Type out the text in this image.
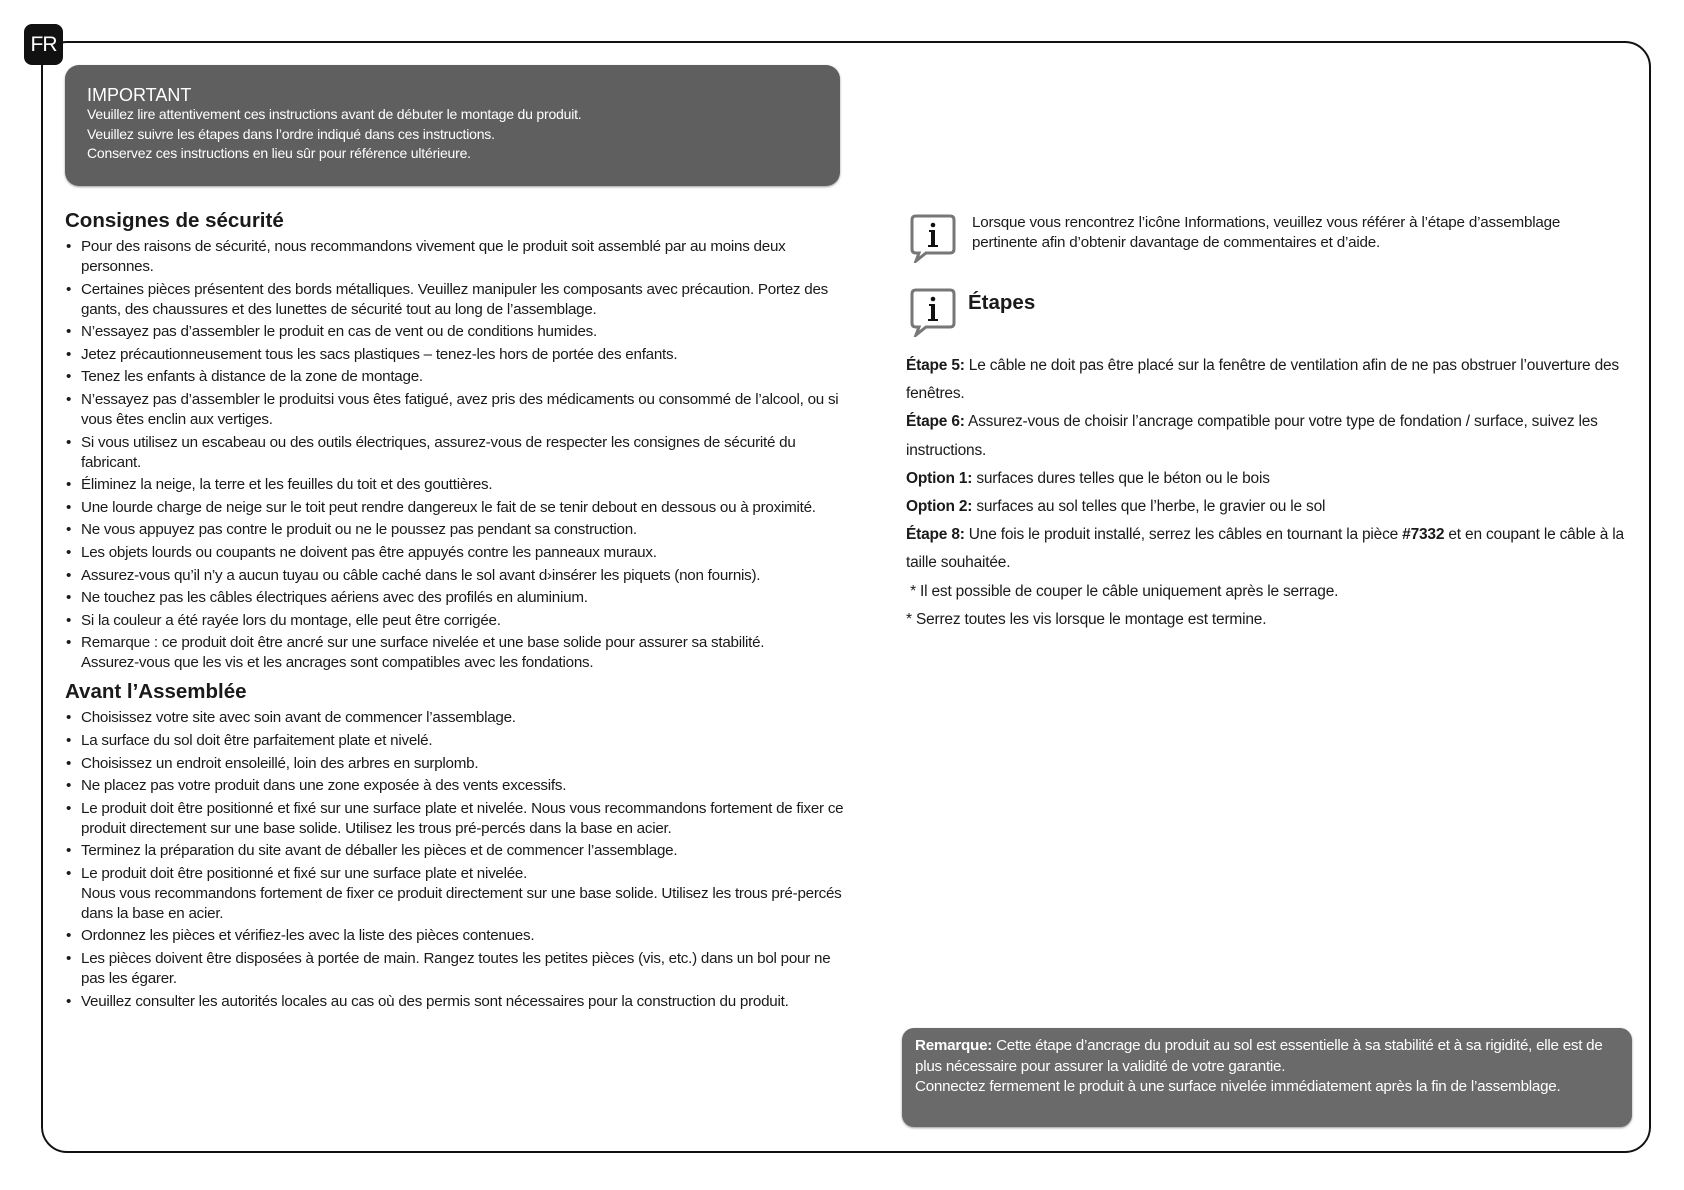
FR
IMPORTANT
Veuillez lire attentivement ces instructions avant de débuter le montage du produit.
Veuillez suivre les étapes dans l’ordre indiqué dans ces instructions.
Conservez ces instructions en lieu sûr pour référence ultérieure.
Consignes de sécurité
• Pour des raisons de sécurité, nous recommandons vivement que le produit soit assemblé par au moins deux personnes.
• Certaines pièces présentent des bords métalliques. Veuillez manipuler les composants avec précaution. Portez des gants, des chaussures et des lunettes de sécurité tout au long de l’assemblage.
• N’essayez pas d’assembler le produit en cas de vent ou de conditions humides.
• Jetez précautionneusement tous les sacs plastiques – tenez-les hors de portée des enfants.
• Tenez les enfants à distance de la zone de montage.
• N’essayez pas d’assembler le produitsi vous êtes fatigué, avez pris des médicaments ou consommé de l’alcool, ou si vous êtes enclin aux vertiges.
• Si vous utilisez un escabeau ou des outils électriques, assurez-vous de respecter les consignes de sécurité du fabricant.
• Éliminez la neige, la terre et les feuilles du toit et des gouttières.
• Une lourde charge de neige sur le toit peut rendre dangereux le fait de se tenir debout en dessous ou à proximité.
• Ne vous appuyez pas contre le produit ou ne le poussez pas pendant sa construction.
• Les objets lourds ou coupants ne doivent pas être appuyés contre les panneaux muraux.
• Assurez-vous qu’il n’y a aucun tuyau ou câble caché dans le sol avant d›insérer les piquets (non fournis).
• Ne touchez pas les câbles électriques aériens avec des profilés en aluminium.
• Si la couleur a été rayée lors du montage, elle peut être corrigée.
• Remarque : ce produit doit être ancré sur une surface nivelée et une base solide pour assurer sa stabilité.
Assurez-vous que les vis et les ancrages sont compatibles avec les fondations.
Avant l’Assemblée
• Choisissez votre site avec soin avant de commencer l’assemblage.
• La surface du sol doit être parfaitement plate et nivelé.
• Choisissez un endroit ensoleillé, loin des arbres en surplomb.
• Ne placez pas votre produit dans une zone exposée à des vents excessifs.
• Le produit doit être positionné et fixé sur une surface plate et nivelée. Nous vous recommandons fortement de fixer ce produit directement sur une base solide. Utilisez les trous pré-percés dans la base en acier.
• Terminez la préparation du site avant de déballer les pièces et de commencer l’assemblage.
• Le produit doit être positionné et fixé sur une surface plate et nivelée.
Nous vous recommandons fortement de fixer ce produit directement sur une base solide. Utilisez les trous pré-percés dans la base en acier.
• Ordonnez les pièces et vérifiez-les avec la liste des pièces contenues.
• Les pièces doivent être disposées à portée de main. Rangez toutes les petites pièces (vis, etc.) dans un bol pour ne pas les égarer.
• Veuillez consulter les autorités locales au cas où des permis sont nécessaires pour la construction du produit.
Lorsque vous rencontrez l’icône Informations, veuillez vous référer à l’étape d’assemblage pertinente afin d’obtenir davantage de commentaires et d’aide.
Étapes

Étape 5: Le câble ne doit pas être placé sur la fenêtre de ventilation afin de ne pas obstruer l’ouverture des fenêtres.

Étape 6: Assurez-vous de choisir l’ancrage compatible pour votre type de fondation / surface, suivez les instructions.

Option 1: surfaces dures telles que le béton ou le bois

Option 2: surfaces au sol telles que l’herbe, le gravier ou le sol

Étape 8: Une fois le produit installé, serrez les câbles en tournant la pièce #7332 et en coupant le câble à la taille souhaitée.

* Il est possible de couper le câble uniquement après le serrage.

* Serrez toutes les vis lorsque le montage est termine.

Remarque: Cette étape d’ancrage du produit au sol est essentielle à sa stabilité et à sa rigidité, elle est de plus nécessaire pour assurer la validité de votre garantie.
Connectez fermement le produit à une surface nivelée immédiatement après la fin de l’assemblage.
